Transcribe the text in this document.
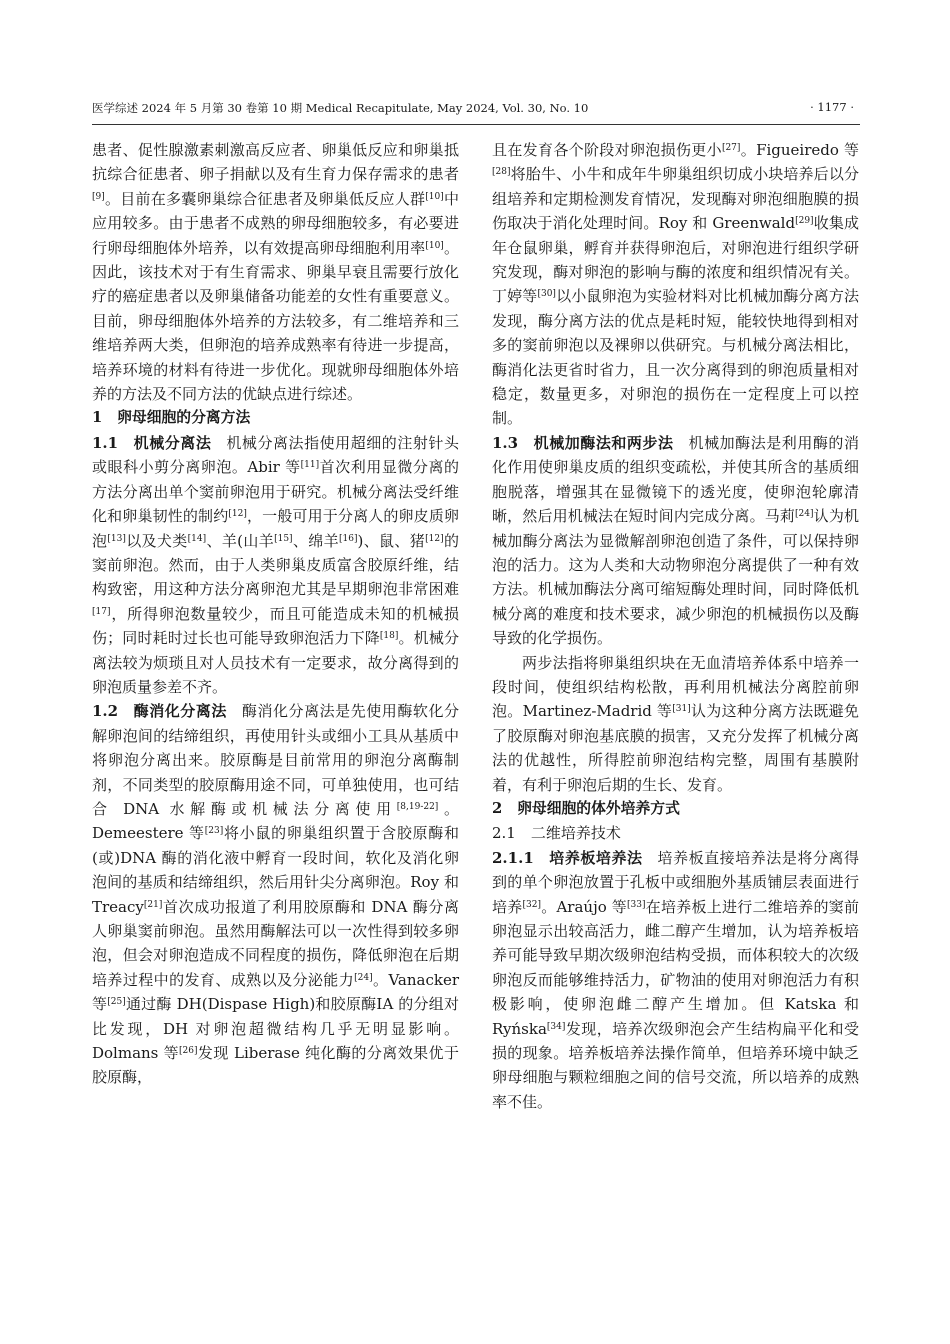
医学综述 2024 年 5 月第 30 卷第 10 期 Medical Recapitulate, May 2024, Vol. 30, No. 10	· 1177 ·

患者、促性腺激素刺激高反应者、卵巢低反应和卵巢抵抗综合征患者、卵子捐献以及有生育力保存需求的患者[9]。目前在多囊卵巢综合征患者及卵巢低反应人群[10]中应用较多。由于患者不成熟的卵母细胞较多，有必要进行卵母细胞体外培养，以有效提高卵母细胞利用率[10]。因此，该技术对于有生育需求、卵巢早衰且需要行放化疗的癌症患者以及卵巢储备功能差的女性有重要意义。目前，卵母细胞体外培养的方法较多，有二维培养和三维培养两大类，但卵泡的培养成熟率有待进一步提高，培养环境的材料有待进一步优化。现就卵母细胞体外培养的方法及不同方法的优缺点进行综述。

1 卵母细胞的分离方法

1.1 机械分离法 机械分离法指使用超细的注射针头或眼科小剪分离卵泡。Abir 等[11]首次利用显微分离的方法分离出单个窦前卵泡用于研究。机械分离法受纤维化和卵巢韧性的制约[12]，一般可用于分离人的卵皮质卵泡[13]以及犬类[14]、羊(山羊[15]、绵羊[16])、鼠、猪[12]的窦前卵泡。然而，由于人类卵巢皮质富含胶原纤维，结构致密，用这种方法分离卵泡尤其是早期卵泡非常困难[17]，所得卵泡数量较少，而且可能造成未知的机械损伤；同时耗时过长也可能导致卵泡活力下降[18]。机械分离法较为烦琐且对人员技术有一定要求，故分离得到的卵泡质量参差不齐。

1.2 酶消化分离法 酶消化分离法是先使用酶软化分解卵泡间的结缔组织，再使用针头或细小工具从基质中将卵泡分离出来。胶原酶是目前常用的卵泡分离酶制剂，不同类型的胶原酶用途不同，可单独使用，也可结合 DNA 水解酶或机械法分离使用[8,19-22]。Demeestere 等[23]将小鼠的卵巢组织置于含胶原酶和(或)DNA 酶的消化液中孵育一段时间，软化及消化卵泡间的基质和结缔组织，然后用针尖分离卵泡。Roy 和 Treacy[21]首次成功报道了利用胶原酶和 DNA 酶分离人卵巢窦前卵泡。虽然用酶解法可以一次性得到较多卵泡，但会对卵泡造成不同程度的损伤，降低卵泡在后期培养过程中的发育、成熟以及分泌能力[24]。Vanacker 等[25]通过酶 DH(Dispase High)和胶原酶ⅠA 的分组对比发现，DH 对卵泡超微结构几乎无明显影响。Dolmans 等[26]发现 Liberase 纯化酶的分离效果优于胶原酶，

且在发育各个阶段对卵泡损伤更小[27]。Figueiredo 等[28]将胎牛、小牛和成年牛卵巢组织切成小块培养后以分组培养和定期检测发育情况，发现酶对卵泡细胞膜的损伤取决于消化处理时间。Roy 和 Greenwald[29]收集成年仓鼠卵巢，孵育并获得卵泡后，对卵泡进行组织学研究发现，酶对卵泡的影响与酶的浓度和组织情况有关。丁婷等[30]以小鼠卵泡为实验材料对比机械加酶分离方法发现，酶分离方法的优点是耗时短，能较快地得到相对多的窦前卵泡以及裸卵以供研究。与机械分离法相比，酶消化法更省时省力，且一次分离得到的卵泡质量相对稳定，数量更多，对卵泡的损伤在一定程度上可以控制。

1.3 机械加酶法和两步法 机械加酶法是利用酶的消化作用使卵巢皮质的组织变疏松，并使其所含的基质细胞脱落，增强其在显微镜下的透光度，使卵泡轮廓清晰，然后用机械法在短时间内完成分离。马莉[24]认为机械加酶分离法为显微解剖卵泡创造了条件，可以保持卵泡的活力。这为人类和大动物卵泡分离提供了一种有效方法。机械加酶法分离可缩短酶处理时间，同时降低机械分离的难度和技术要求，减少卵泡的机械损伤以及酶导致的化学损伤。

两步法指将卵巢组织块在无血清培养体系中培养一段时间，使组织结构松散，再利用机械法分离腔前卵泡。Martinez-Madrid 等[31]认为这种分离方法既避免了胶原酶对卵泡基底膜的损害，又充分发挥了机械分离法的优越性，所得腔前卵泡结构完整，周围有基膜附着，有利于卵泡后期的生长、发育。

2 卵母细胞的体外培养方式

2.1 二维培养技术

2.1.1 培养板培养法 培养板直接培养法是将分离得到的单个卵泡放置于孔板中或细胞外基质铺层表面进行培养[32]。Araújo 等[33]在培养板上进行二维培养的窦前卵泡显示出较高活力，雌二醇产生增加，认为培养板培养可能导致早期次级卵泡结构受损，而体积较大的次级卵泡反而能够维持活力，矿物油的使用对卵泡活力有积极影响，使卵泡雌二醇产生增加。但 Katska 和 Ryńska[34]发现，培养次级卵泡会产生结构扁平化和受损的现象。培养板培养法操作简单，但培养环境中缺乏卵母细胞与颗粒细胞之间的信号交流，所以培养的成熟率不佳。
